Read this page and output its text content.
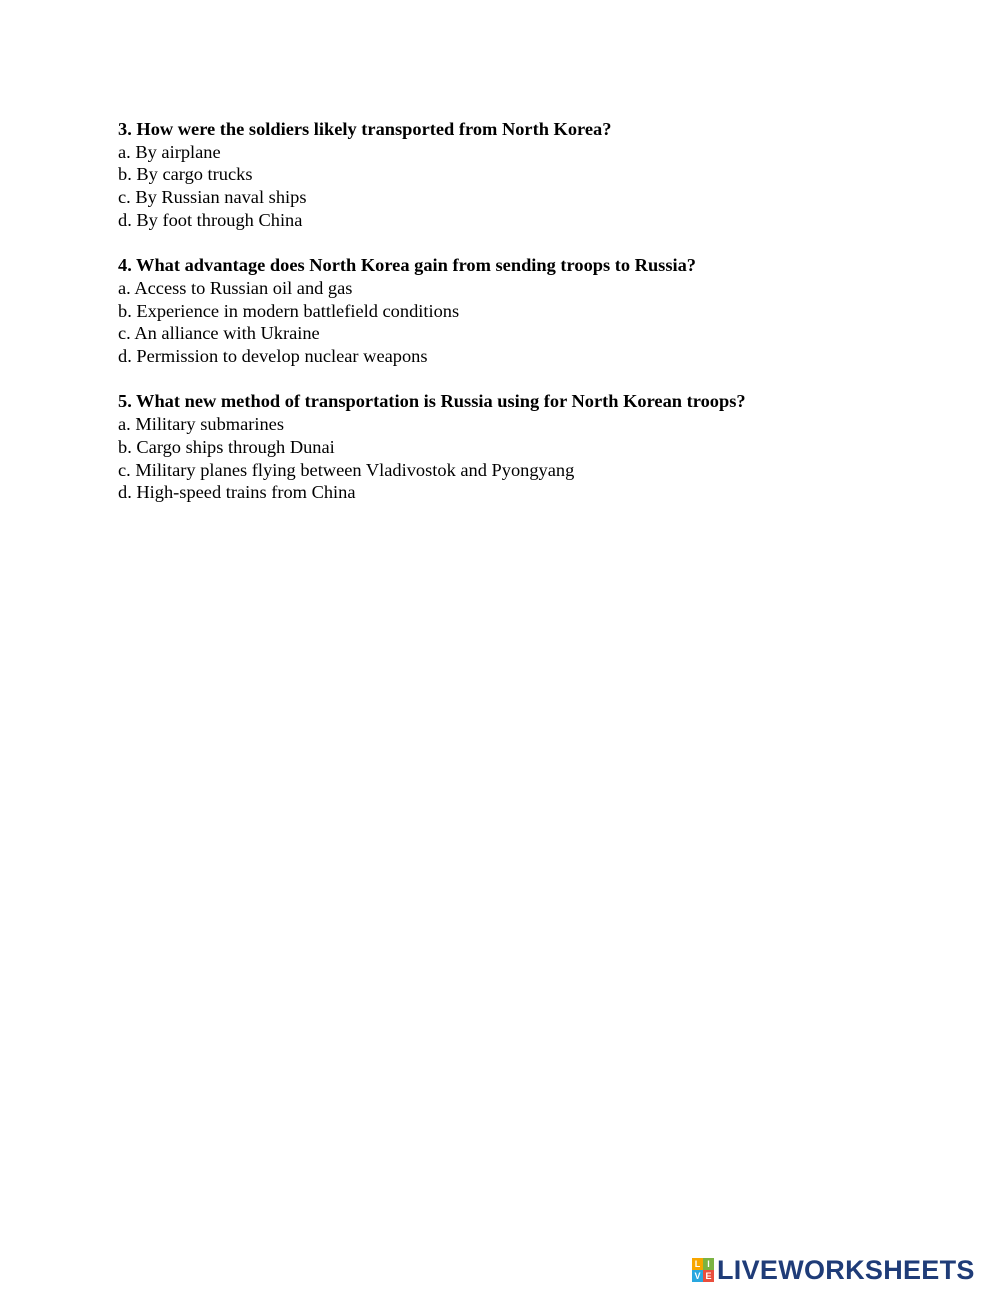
3. How were the soldiers likely transported from North Korea?
a. By airplane
b. By cargo trucks
c. By Russian naval ships
d. By foot through China
4. What advantage does North Korea gain from sending troops to Russia?
a. Access to Russian oil and gas
b. Experience in modern battlefield conditions
c. An alliance with Ukraine
d. Permission to develop nuclear weapons
5. What new method of transportation is Russia using for North Korean troops?
a. Military submarines
b. Cargo ships through Dunai
c. Military planes flying between Vladivostok and Pyongyang
d. High-speed trains from China
L I
V E LIVEWORKSHEETS
